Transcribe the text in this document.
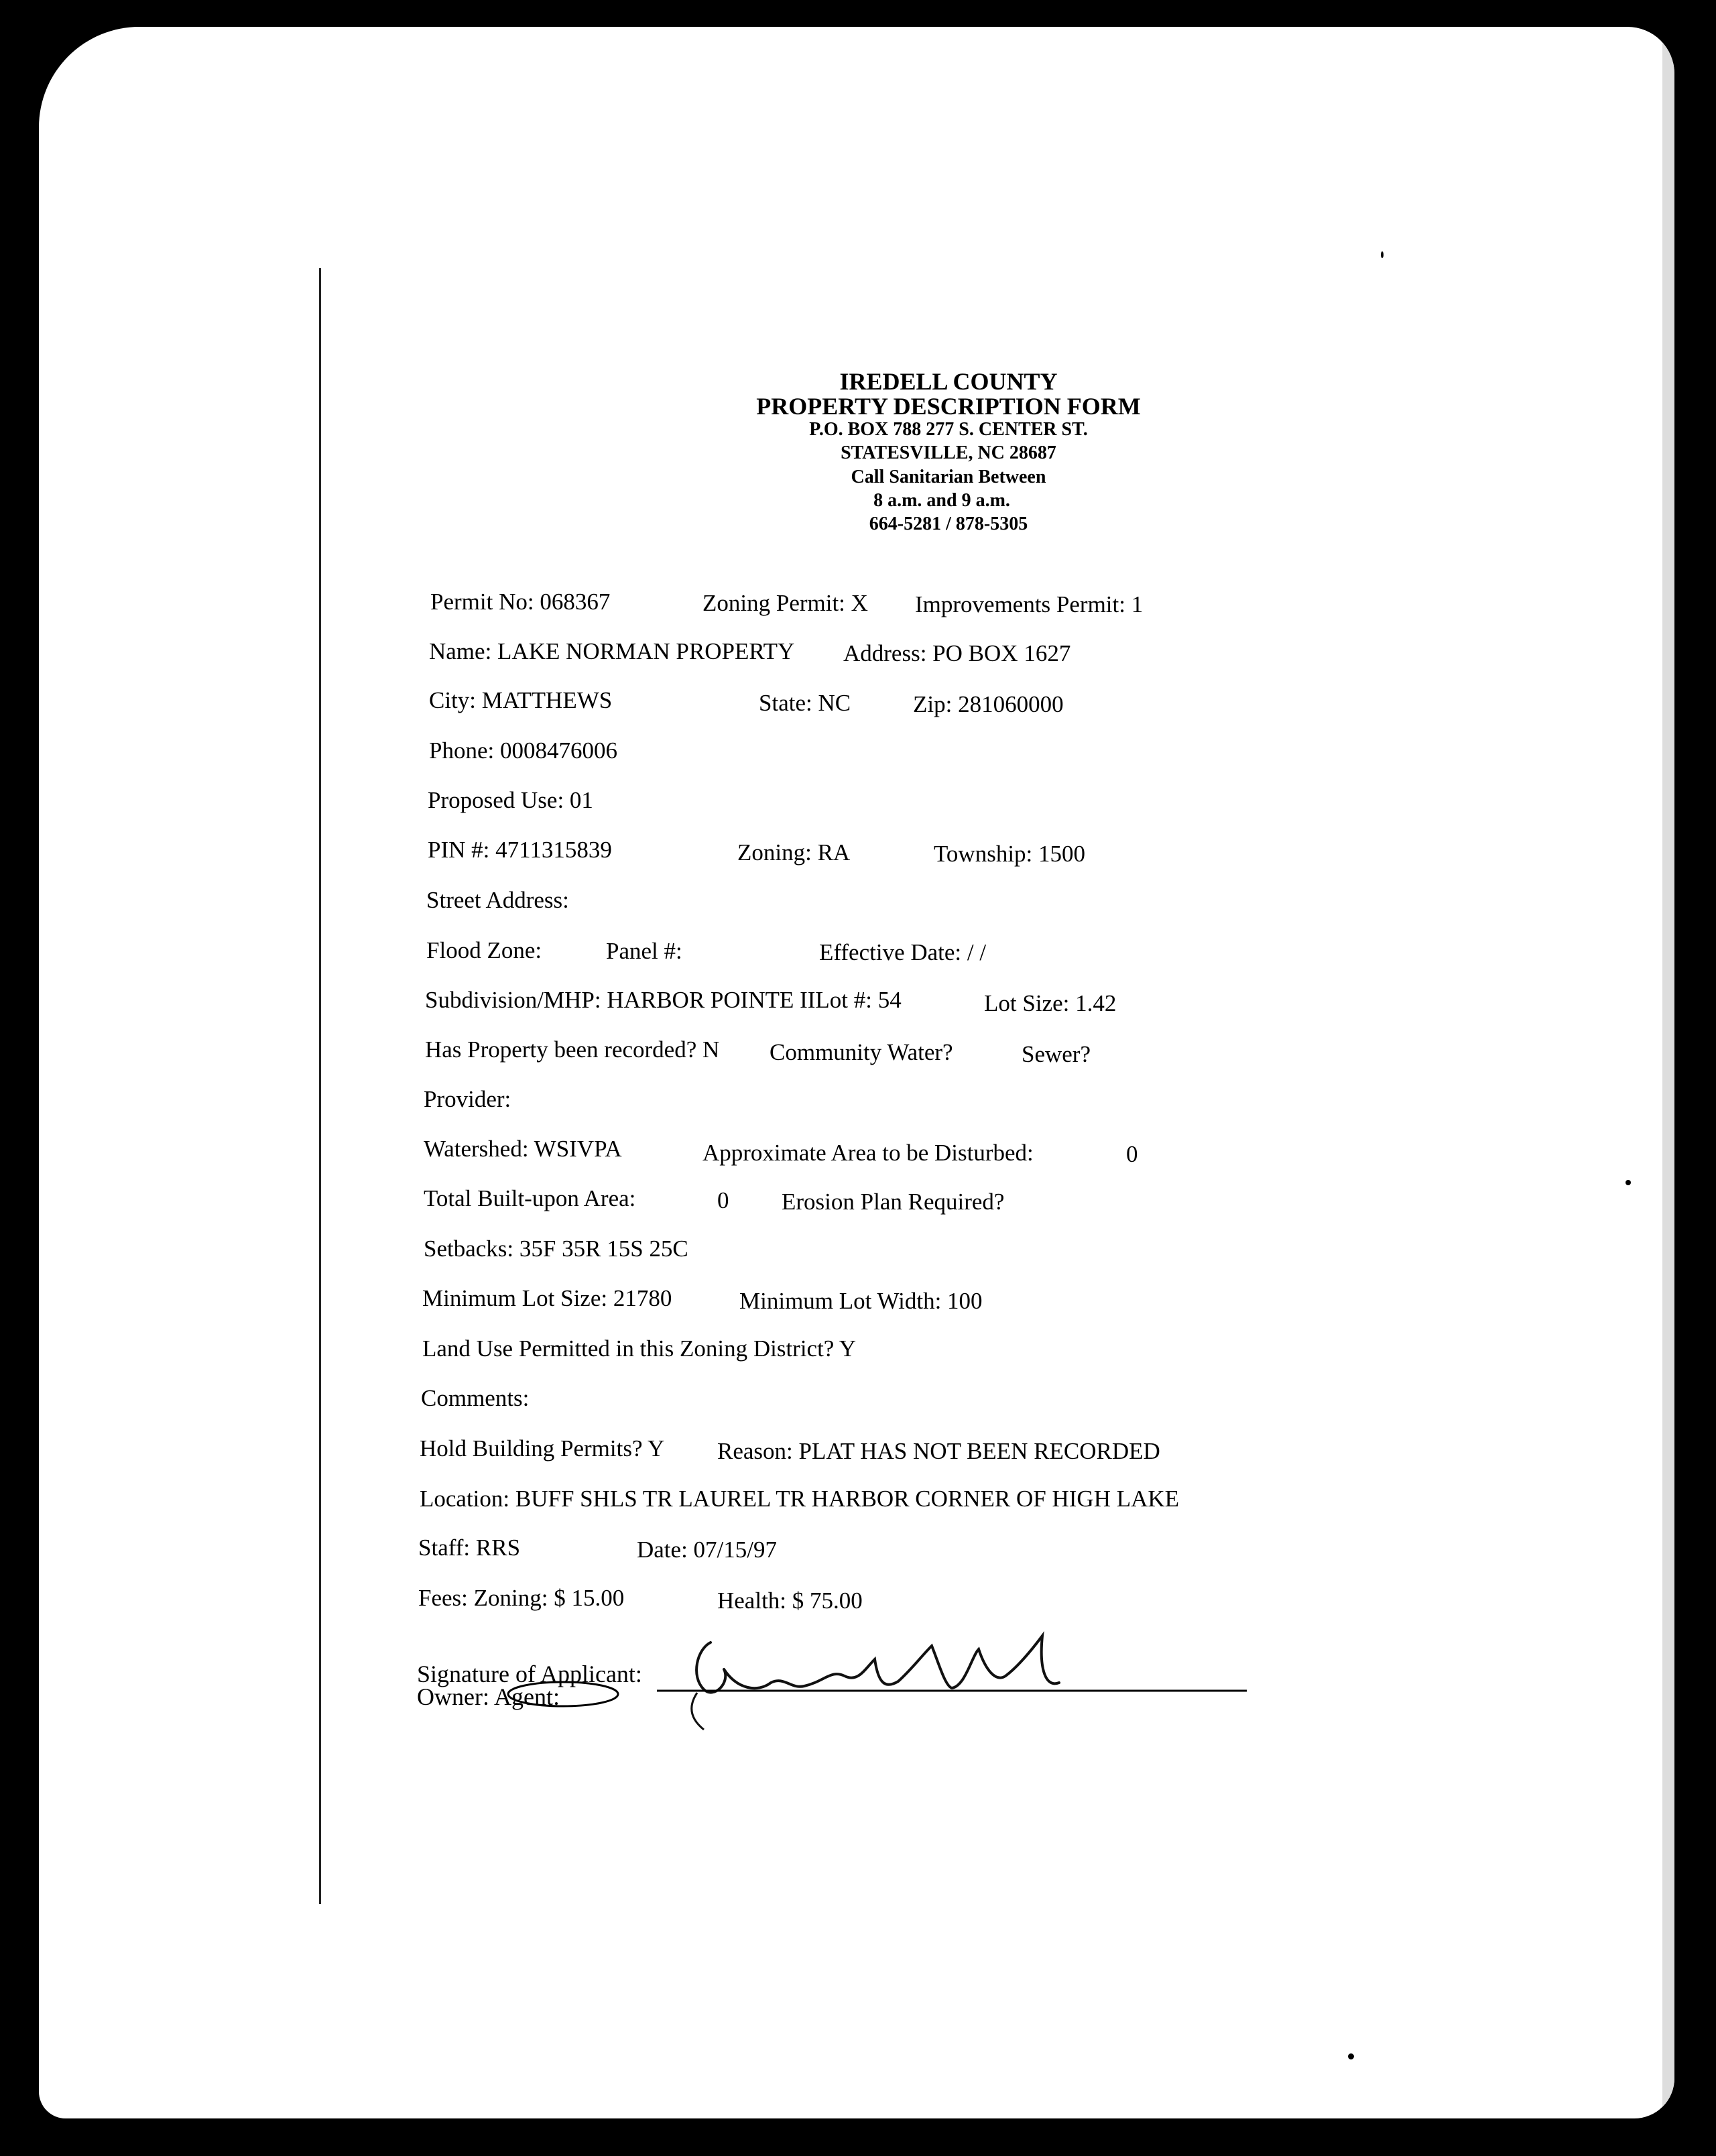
IREDELL COUNTY
PROPERTY DESCRIPTION FORM
P.O. BOX 788 277 S. CENTER ST.
STATESVILLE, NC 28687
Call Sanitarian Between
8 a.m. and 9 a.m.
664-5281 / 878-5305
Permit No: 068367	Zoning Permit: X Improvements Permit: 1
Name: LAKE NORMAN PROPERTY Address: PO BOX 1627
City: MATTHEWS	State: NC	Zip: 281060000
Phone: 0008476006
Proposed Use: 01
PIN #: 4711315839	Zoning: RA	Township: 1500
Street Address:
Flood Zone:	Panel #:	Effective Date: / /
Subdivision/MHP: HARBOR POINTE IILot #: 54	Lot Size: 1.42
Has Property been recorded? N Community Water?	Sewer?
Provider:
Watershed: WSIVPA	Approximate Area to be Disturbed:	0
Total Built-upon Area:	0 Erosion Plan Required?
Setbacks: 35F 35R 15S 25C
Minimum Lot Size: 21780	Minimum Lot Width: 100
Land Use Permitted in this Zoning District? Y
Comments:
Hold Building Permits? Y Reason: PLAT HAS NOT BEEN RECORDED
Location: BUFF SHLS TR LAUREL TR HARBOR CORNER OF HIGH LAKE
Staff: RRS	Date: 07/15/97
Fees: Zoning: $ 15.00	Health: $ 75.00
Signature of Applicant:
Owner: Agent:
